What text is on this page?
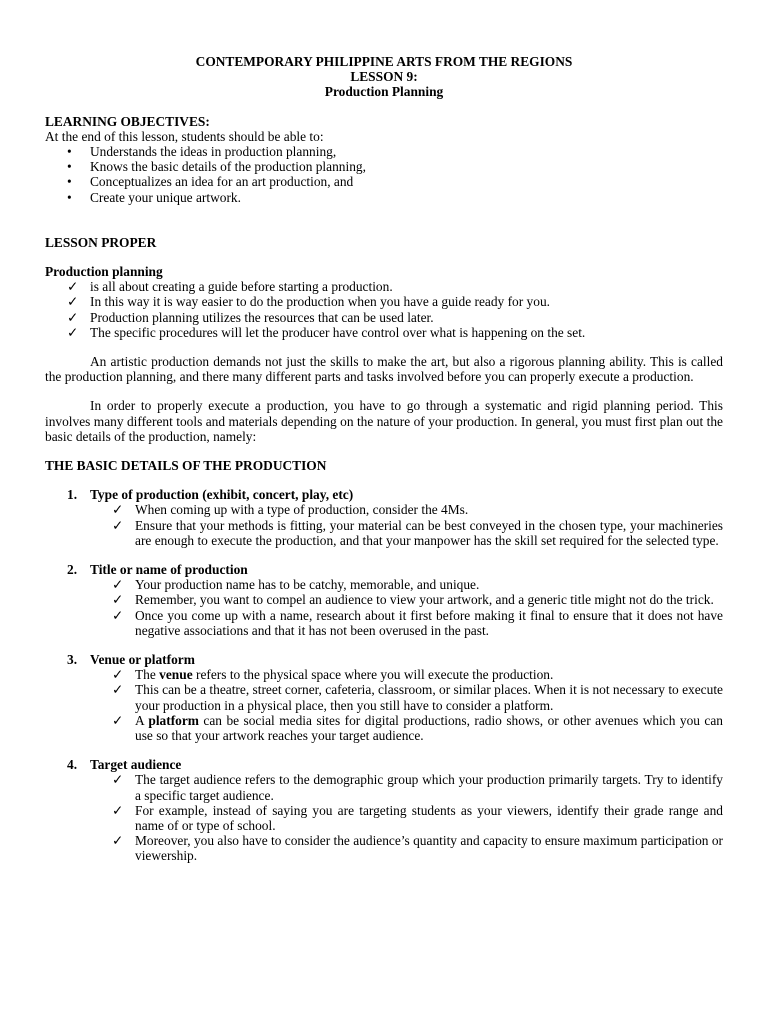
CONTEMPORARY PHILIPPINE ARTS FROM THE REGIONS
LESSON 9:
Production Planning
LEARNING OBJECTIVES:
At the end of this lesson, students should be able to:
• Understands the ideas in production planning,
• Knows the basic details of the production planning,
• Conceptualizes an idea for an art production, and
• Create your unique artwork.
LESSON PROPER
Production planning
✓ is all about creating a guide before starting a production.
✓ In this way it is way easier to do the production when you have a guide ready for you.
✓ Production planning utilizes the resources that can be used later.
✓ The specific procedures will let the producer have control over what is happening on the set.

An artistic production demands not just the skills to make the art, but also a rigorous planning ability. This is called the production planning, and there many different parts and tasks involved before you can properly execute a production.

In order to properly execute a production, you have to go through a systematic and rigid planning period. This involves many different tools and materials depending on the nature of your production. In general, you must first plan out the basic details of the production, namely:

THE BASIC DETAILS OF THE PRODUCTION
1. Type of production (exhibit, concert, play, etc)
✓ When coming up with a type of production, consider the 4Ms.
✓ Ensure that your methods is fitting, your material can be best conveyed in the chosen type, your machineries are enough to execute the production, and that your manpower has the skill set required for the selected type.
2. Title or name of production
✓ Your production name has to be catchy, memorable, and unique.
✓ Remember, you want to compel an audience to view your artwork, and a generic title might not do the trick.
✓ Once you come up with a name, research about it first before making it final to ensure that it does not have negative associations and that it has not been overused in the past.
3. Venue or platform
✓ The venue refers to the physical space where you will execute the production.
✓ This can be a theatre, street corner, cafeteria, classroom, or similar places. When it is not necessary to execute your production in a physical place, then you still have to consider a platform.
✓ A platform can be social media sites for digital productions, radio shows, or other avenues which you can use so that your artwork reaches your target audience.
4. Target audience
✓ The target audience refers to the demographic group which your production primarily targets. Try to identify a specific target audience.
✓ For example, instead of saying you are targeting students as your viewers, identify their grade range and name of or type of school.
✓ Moreover, you also have to consider the audience’s quantity and capacity to ensure maximum participation or viewership.
